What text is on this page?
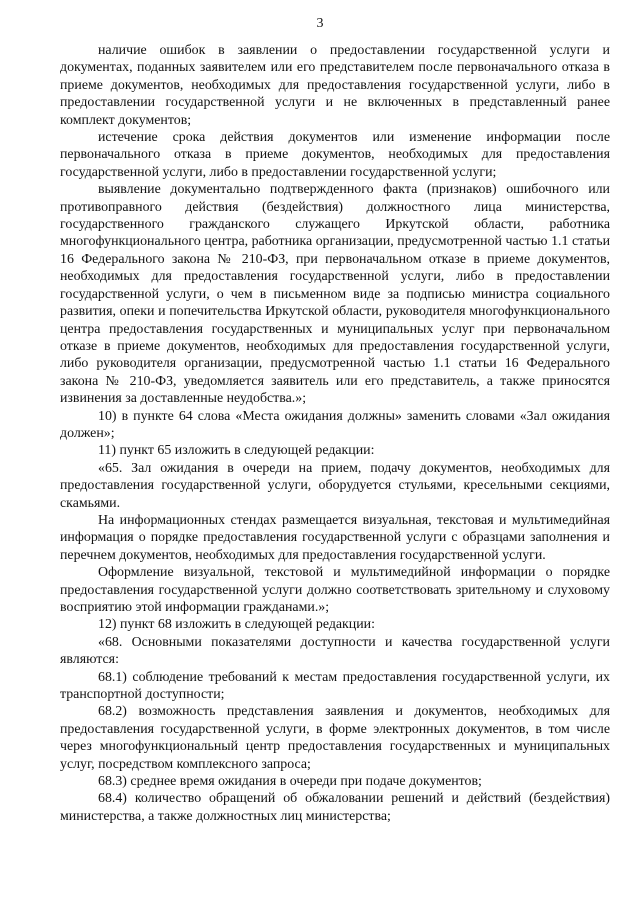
3

наличие ошибок в заявлении о предоставлении государственной услуги и документах, поданных заявителем или его представителем после первоначального отказа в приеме документов, необходимых для предоставления государственной услуги, либо в предоставлении государственной услуги и не включенных в представленный ранее комплект документов;

истечение срока действия документов или изменение информации после первоначального отказа в приеме документов, необходимых для предоставления государственной услуги, либо в предоставлении государственной услуги;

выявление документально подтвержденного факта (признаков) ошибочного или противоправного действия (бездействия) должностного лица министерства, государственного гражданского служащего Иркутской области, работника многофункционального центра, работника организации, предусмотренной частью 1.1 статьи 16 Федерального закона № 210-ФЗ, при первоначальном отказе в приеме документов, необходимых для предоставления государственной услуги, либо в предоставлении государственной услуги, о чем в письменном виде за подписью министра социального развития, опеки и попечительства Иркутской области, руководителя многофункционального центра предоставления государственных и муниципальных услуг при первоначальном отказе в приеме документов, необходимых для предоставления государственной услуги, либо руководителя организации, предусмотренной частью 1.1 статьи 16 Федерального закона № 210-ФЗ, уведомляется заявитель или его представитель, а также приносятся извинения за доставленные неудобства.»;

10) в пункте 64 слова «Места ожидания должны» заменить словами «Зал ожидания должен»;

11) пункт 65 изложить в следующей редакции:

«65. Зал ожидания в очереди на прием, подачу документов, необходимых для предоставления государственной услуги, оборудуется стульями, кресельными секциями, скамьями.

На информационных стендах размещается визуальная, текстовая и мультимедийная информация о порядке предоставления государственной услуги с образцами заполнения и перечнем документов, необходимых для предоставления государственной услуги.

Оформление визуальной, текстовой и мультимедийной информации о порядке предоставления государственной услуги должно соответствовать зрительному и слуховому восприятию этой информации гражданами.»;

12) пункт 68 изложить в следующей редакции:

«68. Основными показателями доступности и качества государственной услуги являются:

68.1) соблюдение требований к местам предоставления государственной услуги, их транспортной доступности;

68.2) возможность представления заявления и документов, необходимых для предоставления государственной услуги, в форме электронных документов, в том числе через многофункциональный центр предоставления государственных и муниципальных услуг, посредством комплексного запроса;

68.3) среднее время ожидания в очереди при подаче документов;

68.4) количество обращений об обжаловании решений и действий (бездействия) министерства, а также должностных лиц министерства;
